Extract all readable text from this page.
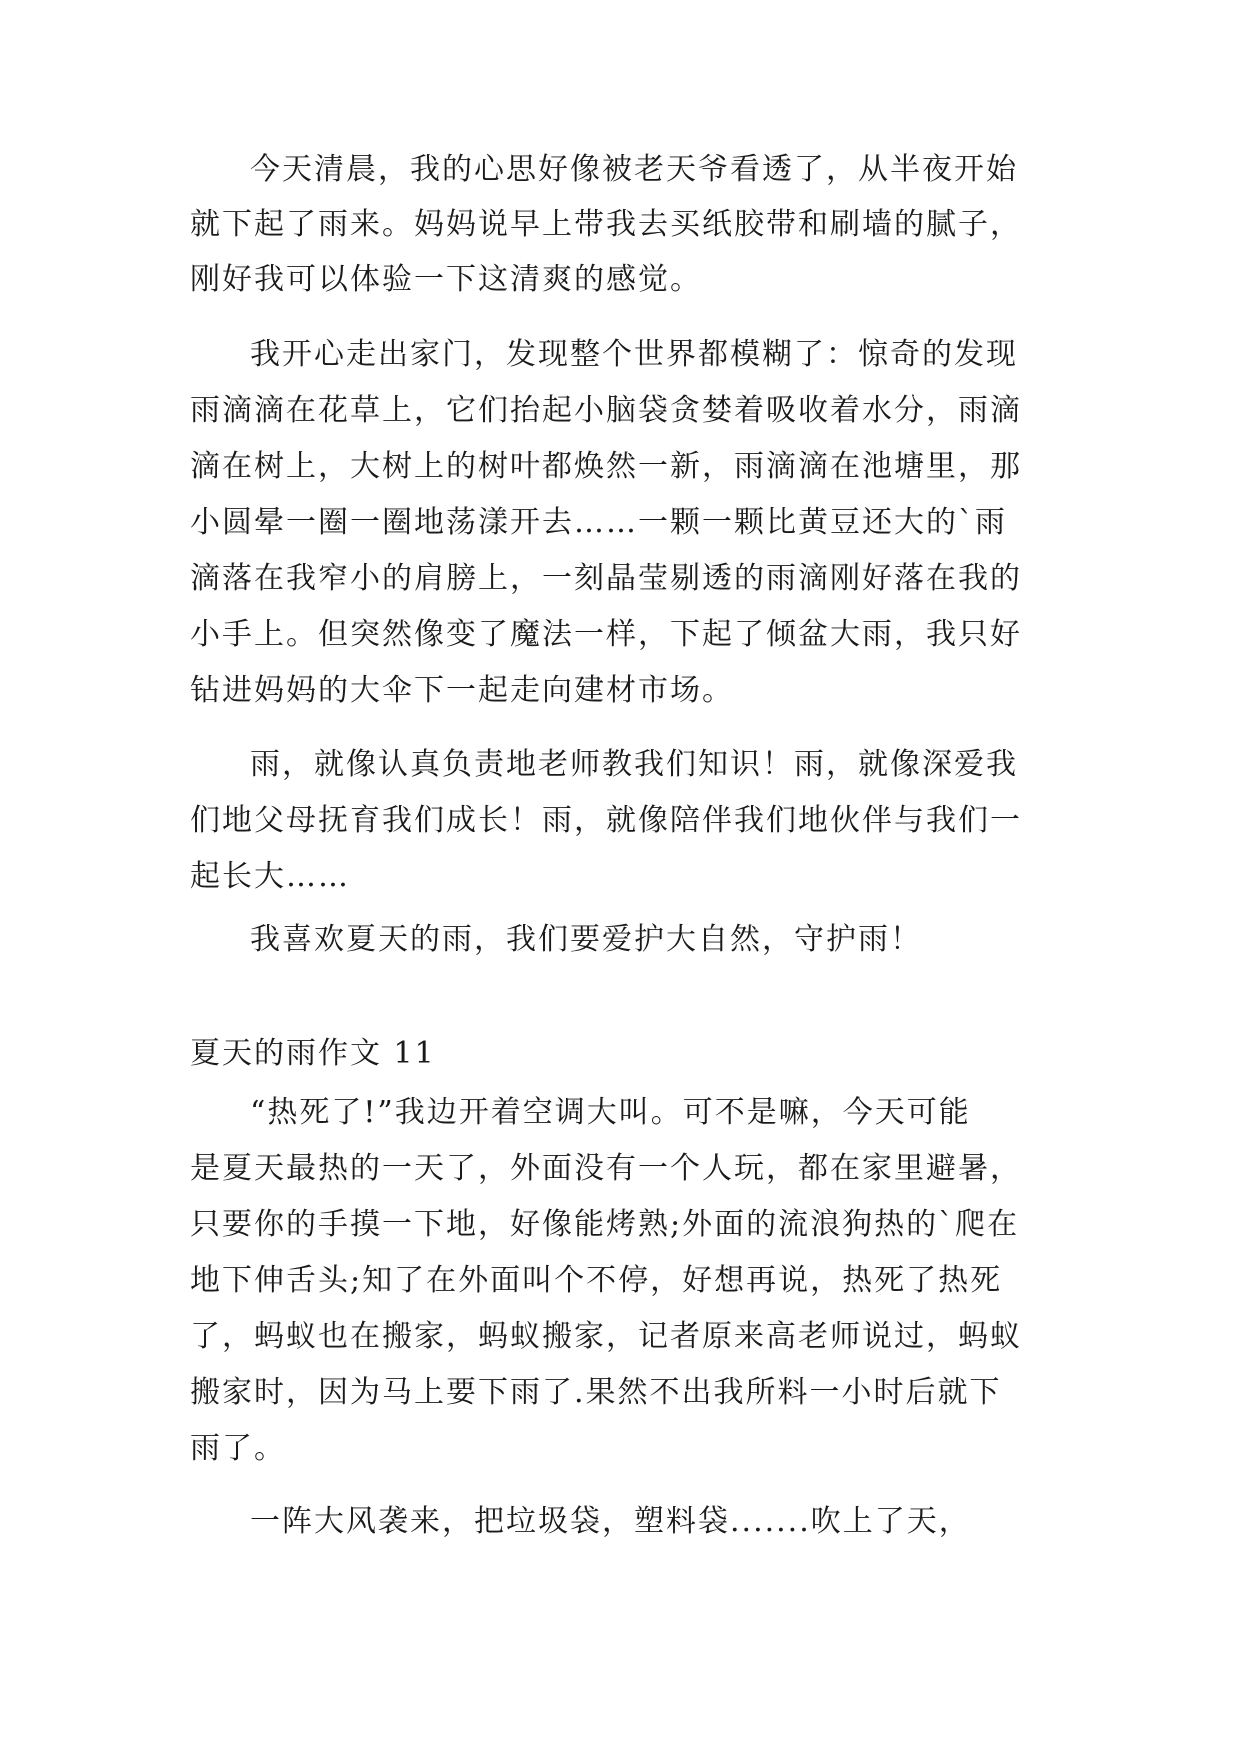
今天清晨，我的心思好像被老天爷看透了，从半夜开始
就下起了雨来。妈妈说早上带我去买纸胶带和刷墙的腻子，
刚好我可以体验一下这清爽的感觉。
我开心走出家门，发现整个世界都模糊了：惊奇的发现
雨滴滴在花草上，它们抬起小脑袋贪婪着吸收着水分，雨滴
滴在树上，大树上的树叶都焕然一新，雨滴滴在池塘里，那
小圆晕一圈一圈地荡漾开去……一颗一颗比黄豆还大的`雨
滴落在我窄小的肩膀上，一刻晶莹剔透的雨滴刚好落在我的
小手上。但突然像变了魔法一样，下起了倾盆大雨，我只好
钻进妈妈的大伞下一起走向建材市场。
雨，就像认真负责地老师教我们知识！雨，就像深爱我
们地父母抚育我们成长！雨，就像陪伴我们地伙伴与我们一
起长大……
我喜欢夏天的雨，我们要爱护大自然，守护雨！
夏天的雨作文 11
“热死了!”我边开着空调大叫。可不是嘛，今天可能
是夏天最热的一天了，外面没有一个人玩，都在家里避暑，
只要你的手摸一下地，好像能烤熟;外面的流浪狗热的`爬在
地下伸舌头;知了在外面叫个不停，好想再说，热死了热死
了，蚂蚁也在搬家，蚂蚁搬家，记者原来高老师说过，蚂蚁
搬家时，因为马上要下雨了.果然不出我所料一小时后就下
雨了。
一阵大风袭来，把垃圾袋，塑料袋.......吹上了天，
